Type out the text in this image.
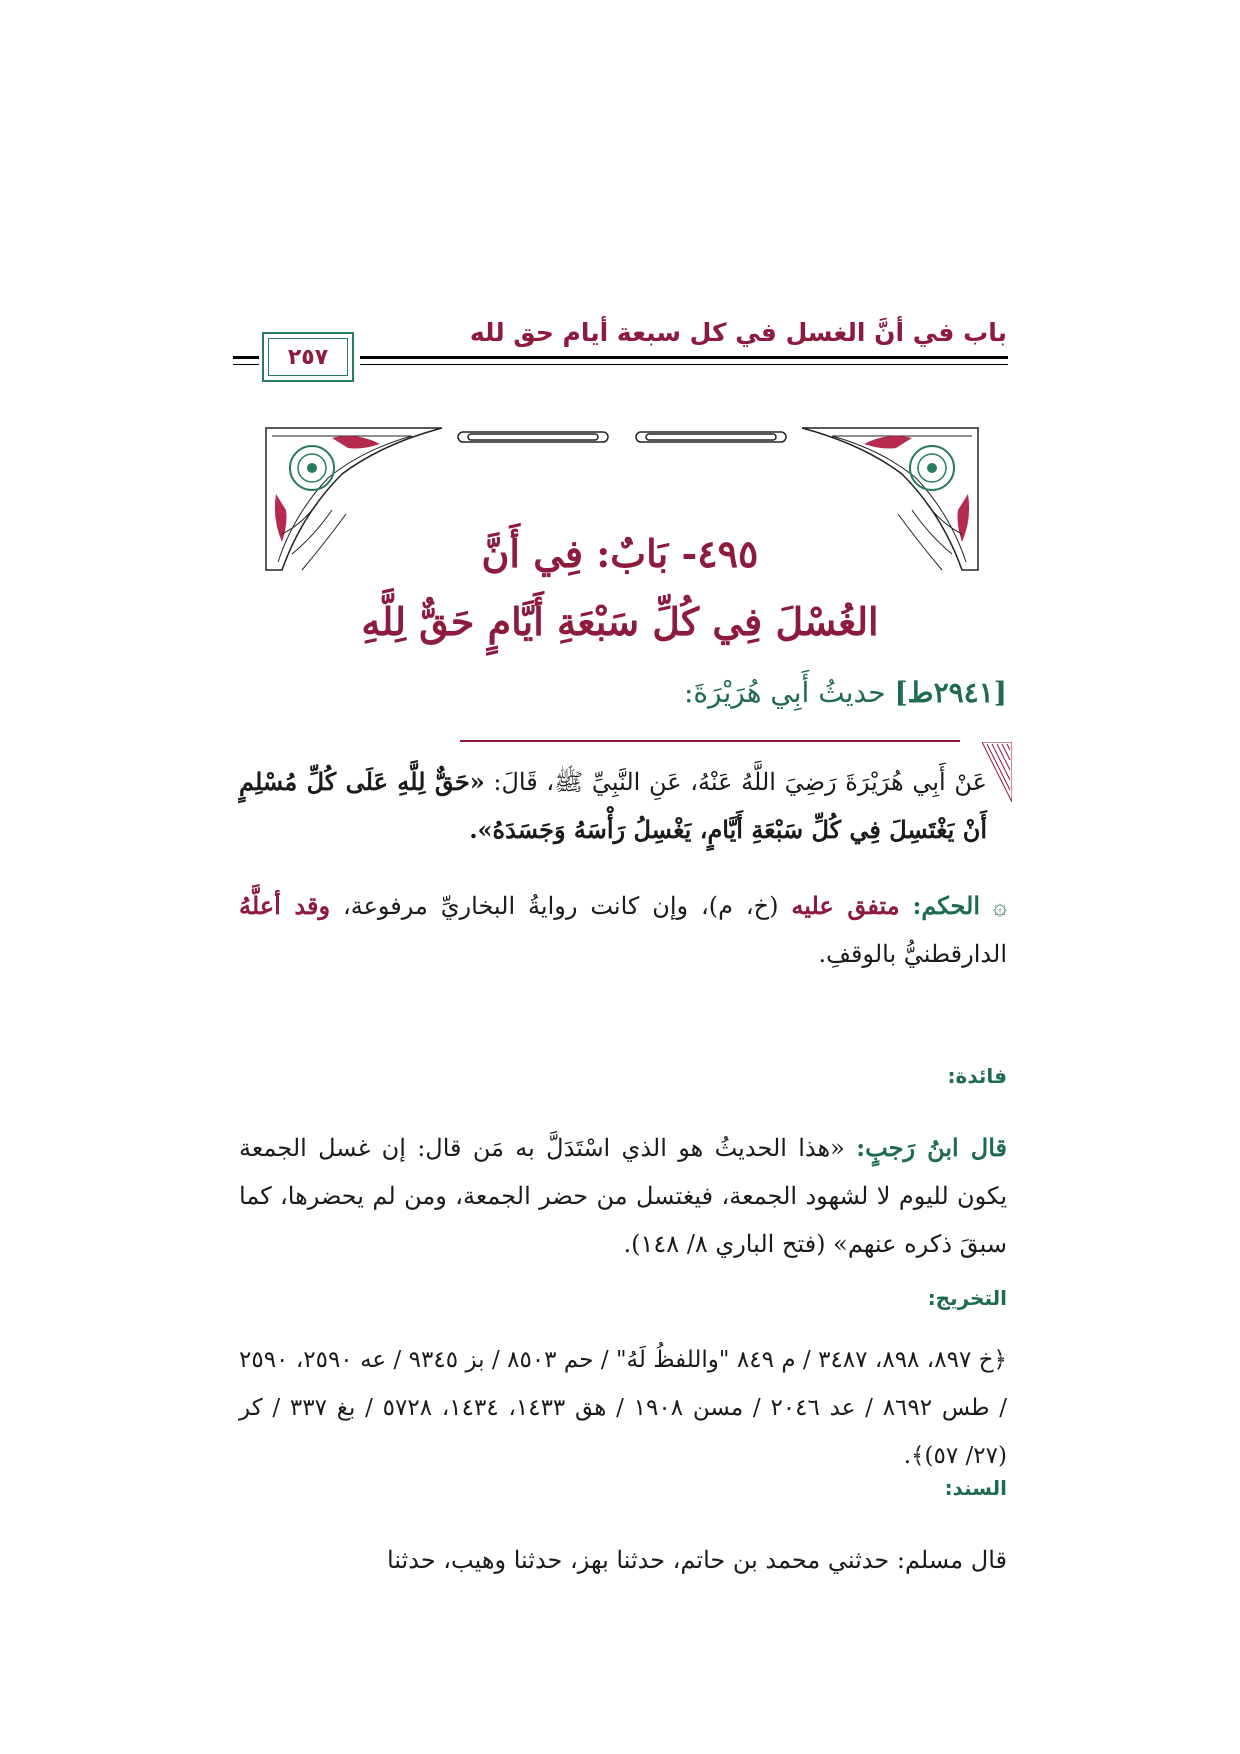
باب في أنَّ الغسل في كل سبعة أيام حق لله
٢٥٧
٤٩٥- بَابٌ: فِي أَنَّ
الغُسْلَ فِي كُلِّ سَبْعَةِ أَيَّامٍ حَقٌّ لِلَّهِ
[٢٩٤١ط] حديثُ أَبِي هُرَيْرَةَ:
عَنْ أَبِي هُرَيْرَةَ رَضِيَ اللَّهُ عَنْهُ، عَنِ النَّبِيِّ ﷺ، قَالَ: «حَقٌّ لِلَّهِ عَلَى كُلِّ مُسْلِمٍ أَنْ يَغْتَسِلَ فِي كُلِّ سَبْعَةِ أَيَّامٍ، يَغْسِلُ رَأْسَهُ وَجَسَدَهُ».
۞ الحكم: متفق عليه (خ، م)، وإن كانت روايةُ البخاريِّ مرفوعة، وقد أعلَّهُ الدارقطنيُّ بالوقفِ.
فائدة:
قال ابنُ رَجبٍ: «هذا الحديثُ هو الذي اسْتَدَلَّ به مَن قال: إن غسل الجمعة يكون لليوم لا لشهود الجمعة، فيغتسل من حضر الجمعة، ومن لم يحضرها، كما سبقَ ذكره عنهم» (فتح الباري ٨/ ١٤٨).
التخريج:
﴿خ ٨٩٧، ٨٩٨، ٣٤٨٧ / م ٨٤٩ "واللفظُ لَهُ" / حم ٨٥٠٣ / بز ٩٣٤٥ / عه ٢٥٩٠، ٢٥٩٠ / طس ٨٦٩٢ / عد ٢٠٤٦ / مسن ١٩٠٨ / هق ١٤٣٣، ١٤٣٤، ٥٧٢٨ / بغ ٣٣٧ / كر (٢٧/ ٥٧)﴾.
السند:
قال مسلم: حدثني محمد بن حاتم، حدثنا بهز، حدثنا وهيب، حدثنا
